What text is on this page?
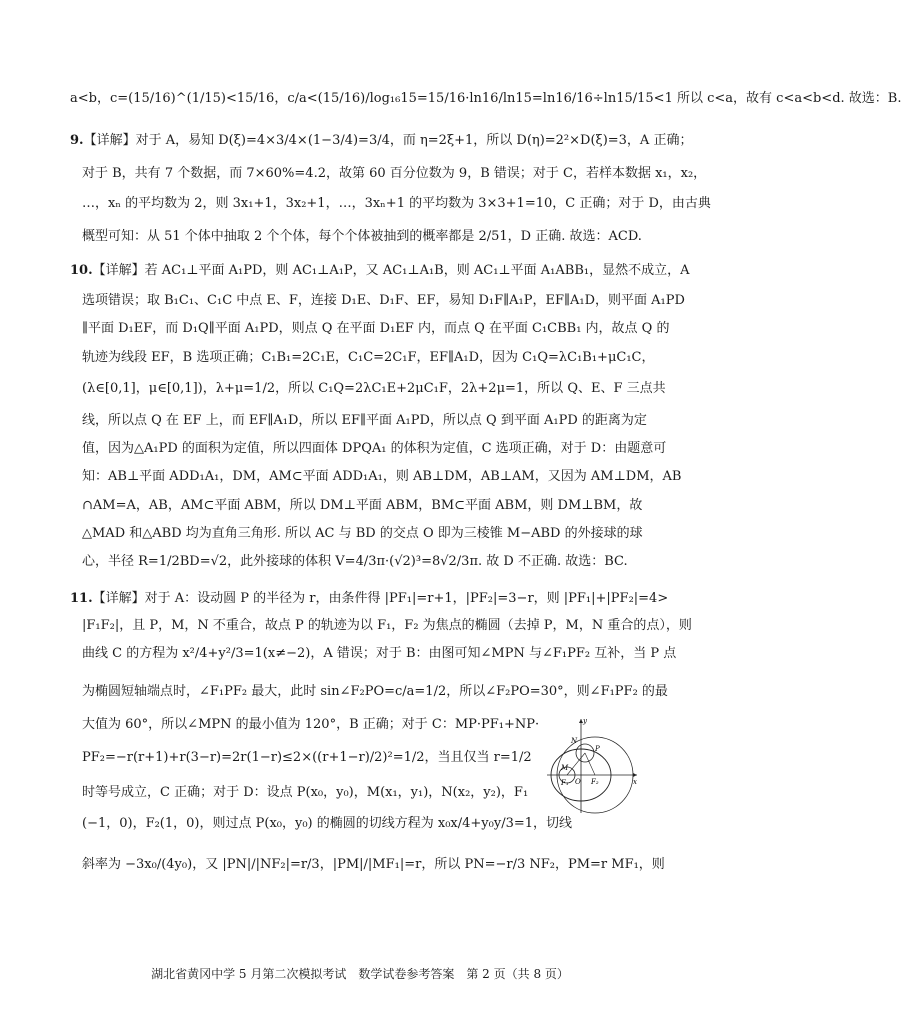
a<b，c=(15/16)^(1/15)<15/16，c/a<(15/16)/log₁₆15=15/16·ln16/ln15=ln16/16÷ln15/15<1 所以 c<a，故有 c<a<b<d. 故选：B.
9.【详解】对于 A，易知 D(ξ)=4×3/4×(1−3/4)=3/4，而 η=2ξ+1，所以 D(η)=2²×D(ξ)=3，A 正确；
对于 B，共有 7 个数据，而 7×60%=4.2，故第 60 百分位数为 9，B 错误；对于 C，若样本数据 x₁，x₂，
…，xₙ 的平均数为 2，则 3x₁+1，3x₂+1，…，3xₙ+1 的平均数为 3×3+1=10，C 正确；对于 D，由古典
概型可知：从 51 个体中抽取 2 个个体，每个个体被抽到的概率都是 2/51，D 正确. 故选：ACD.
10.【详解】若 AC₁⊥平面 A₁PD，则 AC₁⊥A₁P，又 AC₁⊥A₁B，则 AC₁⊥平面 A₁ABB₁，显然不成立，A
选项错误；取 B₁C₁、C₁C 中点 E、F，连接 D₁E、D₁F、EF，易知 D₁F∥A₁P，EF∥A₁D，则平面 A₁PD
∥平面 D₁EF，而 D₁Q∥平面 A₁PD，则点 Q 在平面 D₁EF 内，而点 Q 在平面 C₁CBB₁ 内，故点 Q 的
轨迹为线段 EF，B 选项正确；C₁B₁=2C₁E，C₁C=2C₁F，EF∥A₁D，因为 C₁Q=λC₁B₁+μC₁C，
(λ∈[0,1]，μ∈[0,1])，λ+μ=1/2，所以 C₁Q=2λC₁E+2μC₁F，2λ+2μ=1，所以 Q、E、F 三点共
线，所以点 Q 在 EF 上，而 EF∥A₁D，所以 EF∥平面 A₁PD，所以点 Q 到平面 A₁PD 的距离为定
值，因为△A₁PD 的面积为定值，所以四面体 DPQA₁ 的体积为定值，C 选项正确，对于 D：由题意可
知：AB⊥平面 ADD₁A₁，DM，AM⊂平面 ADD₁A₁，则 AB⊥DM，AB⊥AM，又因为 AM⊥DM，AB
∩AM=A，AB，AM⊂平面 ABM，所以 DM⊥平面 ABM，BM⊂平面 ABM，则 DM⊥BM，故
△MAD 和△ABD 均为直角三角形. 所以 AC 与 BD 的交点 O 即为三棱锥 M−ABD 的外接球的球
心，半径 R=1/2BD=√2，此外接球的体积 V=4/3π·(√2)³=8√2/3π. 故 D 不正确. 故选：BC.
11.【详解】对于 A：设动圆 P 的半径为 r，由条件得 |PF₁|=r+1，|PF₂|=3−r，则 |PF₁|+|PF₂|=4>
|F₁F₂|，且 P，M，N 不重合，故点 P 的轨迹为以 F₁，F₂ 为焦点的椭圆（去掉 P，M，N 重合的点），则
曲线 C 的方程为 x²/4+y²/3=1(x≠−2)，A 错误；对于 B：由图可知∠MPN 与∠F₁PF₂ 互补，当 P 点
为椭圆短轴端点时，∠F₁PF₂ 最大，此时 sin∠F₂PO=c/a=1/2，所以∠F₂PO=30°，则∠F₁PF₂ 的最
大值为 60°，所以∠MPN 的最小值为 120°，B 正确；对于 C：MP·PF₁+NP·
PF₂=−r(r+1)+r(3−r)=2r(1−r)≤2×((r+1−r)/2)²=1/2，当且仅当 r=1/2
时等号成立，C 正确；对于 D：设点 P(x₀，y₀)，M(x₁，y₁)，N(x₂，y₂)，F₁
(−1，0)，F₂(1，0)，则过点 P(x₀，y₀) 的椭圆的切线方程为 x₀x/4+y₀y/3=1，切线
斜率为 −3x₀/(4y₀)，又 |PN|/|NF₂|=r/3，|PM|/|MF₁|=r，所以 PN=−r/3 NF₂，PM=r MF₁，则
y
x
N
P
M
F₁ O F₂
湖北省黄冈中学 5 月第二次模拟考试　数学试卷参考答案　第 2 页（共 8 页）
